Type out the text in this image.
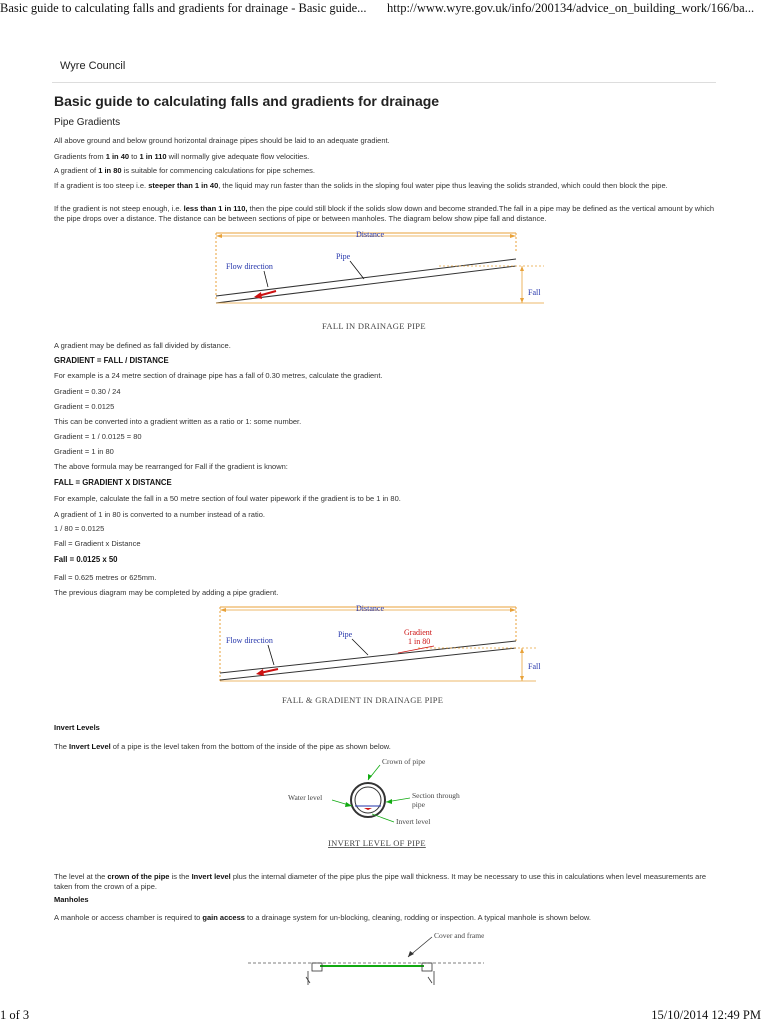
Basic guide to calculating falls and gradients for drainage - Basic guide... http://www.wyre.gov.uk/info/200134/advice_on_building_work/166/ba...
Wyre Council
Basic guide to calculating falls and gradients for drainage
Pipe Gradients

All above ground and below ground horizontal drainage pipes should be laid to an adequate gradient.

Gradients from 1 in 40 to 1 in 110 will normally give adequate flow velocities.

A gradient of 1 in 80 is suitable for commencing calculations for pipe schemes.

If a gradient is too steep i.e. steeper than 1 in 40, the liquid may run faster than the solids in the sloping foul water pipe thus leaving the solids stranded, which could then block the pipe.

If the gradient is not steep enough, i.e. less than 1 in 110, then the pipe could still block if the solids slow down and become stranded.The fall in a pipe may be defined as the vertical amount by which the pipe drops over a distance. The distance can be between sections of pipe or between manholes. The diagram below show pipe fall and distance.

Distance
Fall
Pipe
Flow direction
FALL IN DRAINAGE PIPE

A gradient may be defined as fall divided by distance.

GRADIENT = FALL / DISTANCE

For example is a 24 metre section of drainage pipe has a fall of 0.30 metres, calculate the gradient.

Gradient = 0.30 / 24

Gradient = 0.0125

This can be converted into a gradient written as a ratio or 1: some number.

Gradient = 1 / 0.0125 = 80

Gradient = 1 in 80

The above formula may be rearranged for Fall if the gradient is known:

FALL = GRADIENT X DISTANCE

For example, calculate the fall in a 50 metre section of foul water pipework if the gradient is to be 1 in 80.

A gradient of 1 in 80 is converted to a number instead of a ratio.

1 / 80 = 0.0125

Fall = Gradient x Distance

Fall = 0.0125 x 50

Fall = 0.625 metres or 625mm.

The previous diagram may be completed by adding a pipe gradient.

Distance
Fall
Pipe	Gradient
1 in 80
Flow direction
FALL & GRADIENT IN DRAINAGE PIPE
Invert Levels

The Invert Level of a pipe is the level taken from the bottom of the inside of the pipe as shown below.

Crown of pipe
Water level	Section through
pipe
Invert level
INVERT LEVEL OF PIPE

The level at the crown of the pipe is the Invert level plus the internal diameter of the pipe plus the pipe wall thickness. It may be necessary to use this in calculations when level measurements are taken from the crown of a pipe.

Manholes

A manhole or access chamber is required to gain access to a drainage system for un-blocking, cleaning, rodding or inspection. A typical manhole is shown below.

Cover and frame
1 of 3	15/10/2014 12:49 PM
